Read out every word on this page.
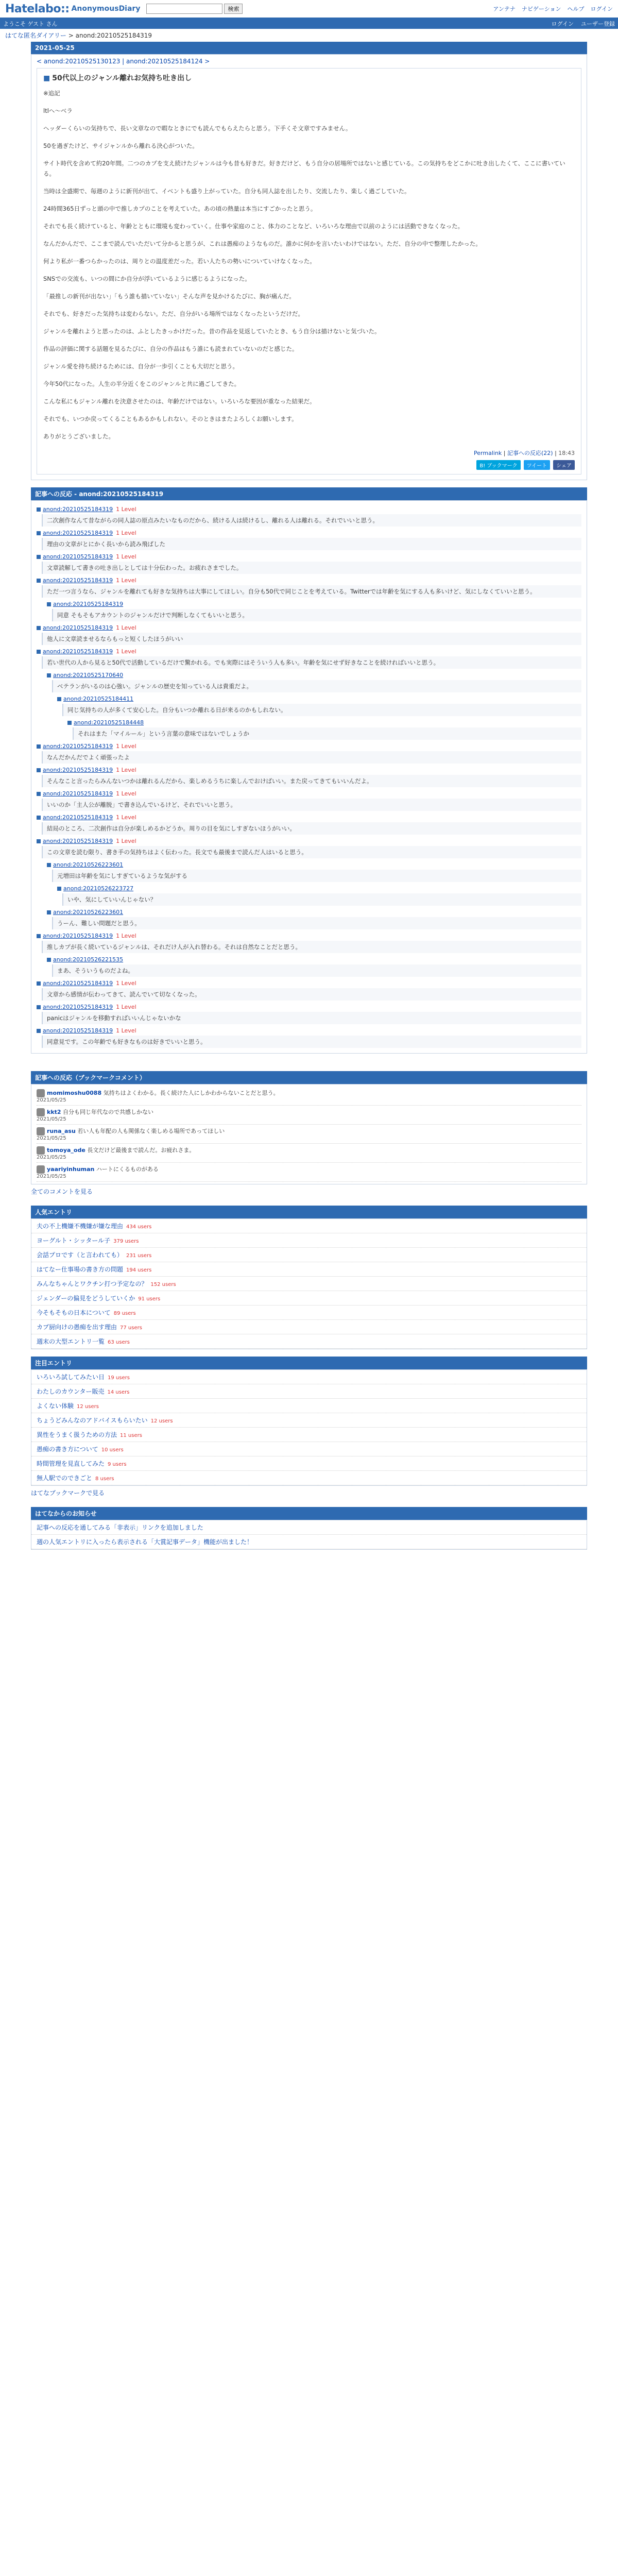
Hatelabo:: AnonymousDiary	検索	アンテナ ナビゲーション ヘルプ ログイン
ようこそ ゲスト さん	ログイン ユーザー登録
はてな匿名ダイアリー > anond:20210525184319
2021-05-25
< anond:20210525130123 | anond:20210525184124 >
■ 50代以上のジャンル離れお気持ち吐き出し

※追記

ltlへ～ベラ

ヘッダーくらいの気持ちで、長い文章なので暇なときにでも読んでもらえたらと思う。下手くそ文章ですみません。

50を過ぎたけど、サイジャンルから離れる決心がついた。

サイト時代を含めて約20年間。二つのカプを支え続けたジャンルは今も昔も好きだ。好きだけど、もう自分の居場所ではないと感じている。この気持ちをどこかに吐き出したくて、ここに書いている。

当時は全盛期で、毎週のように新刊が出て、イベントも盛り上がっていた。自分も同人誌を出したり、交流したり、楽しく過ごしていた。

24時間365日ずっと頭の中で推しカプのことを考えていた。あの頃の熱量は本当にすごかったと思う。

それでも長く続けていると、年齢とともに環境も変わっていく。仕事や家庭のこと、体力のことなど、いろいろな理由で以前のようには活動できなくなった。

なんだかんだで、ここまで読んでいただいて分かると思うが、これは愚痴のようなものだ。誰かに何かを言いたいわけではない。ただ、自分の中で整理したかった。

何より私が一番つらかったのは、周りとの温度差だった。若い人たちの勢いについていけなくなった。

SNSでの交流も、いつの間にか自分が浮いているように感じるようになった。

「最推しの新刊が出ない」「もう誰も描いていない」そんな声を見かけるたびに、胸が痛んだ。

それでも、好きだった気持ちは変わらない。ただ、自分がいる場所ではなくなったというだけだ。

ジャンルを離れようと思ったのは、ふとしたきっかけだった。昔の作品を見返していたとき、もう自分は描けないと気づいた。

作品の評価に関する話題を見るたびに、自分の作品はもう誰にも読まれていないのだと感じた。

ジャンル愛を持ち続けるためには、自分が一歩引くことも大切だと思う。

今年50代になった。人生の半分近くをこのジャンルと共に過ごしてきた。

こんな私にもジャンル離れを決意させたのは、年齢だけではない。いろいろな要因が重なった結果だ。

それでも、いつか戻ってくることもあるかもしれない。そのときはまたよろしくお願いします。

ありがとうございました。

Permalink | 記事への反応(22) | 18:43
B! ブックマーク	ツイート	シェア
記事への反応 - anond:20210525184319
anond:20210525184319 1 Level
二次創作なんて昔ながらの同人誌の原点みたいなものだから、続ける人は続けるし、離れる人は離れる。それでいいと思う。
anond:20210525184319 1 Level
理由の文章がとにかく長いから読み飛ばした
anond:20210525184319 1 Level
文章読解して書きの吐き出しとしては十分伝わった。お疲れさまでした。
anond:20210525184319 1 Level
ただ一つ言うなら、ジャンルを離れても好きな気持ちは大事にしてほしい。自分も50代で同じことを考えている。Twitterでは年齢を気にする人も多いけど、気にしなくていいと思う。
anond:20210525184319
同意 そもそもアカウントのジャンルだけで判断しなくてもいいと思う。
anond:20210525184319 1 Level
他人に文章読ませるならもっと短くしたほうがいい
anond:20210525184319 1 Level
若い世代の人から見ると50代で活動しているだけで驚かれる。でも実際にはそういう人も多い。年齢を気にせず好きなことを続ければいいと思う。
anond:20210525170640
ベテランがいるのは心強い。ジャンルの歴史を知っている人は貴重だよ。
anond:20210525184411
同じ気持ちの人が多くて安心した。自分もいつか離れる日が来るのかもしれない。
anond:20210525184448
それはまた「マイルール」という言葉の意味ではないでしょうか
anond:20210525184319 1 Level
なんだかんだでよく頑張ったよ
anond:20210525184319 1 Level
そんなこと言ったらみんないつかは離れるんだから、楽しめるうちに楽しんでおけばいい。また戻ってきてもいいんだよ。
anond:20210525184319 1 Level
いいのか「主人公が離脱」で書き込んでいるけど、それでいいと思う。
anond:20210525184319 1 Level
結局のところ、二次創作は自分が楽しめるかどうか。周りの目を気にしすぎないほうがいい。
anond:20210525184319 1 Level
この文章を読む限り、書き手の気持ちはよく伝わった。長文でも最後まで読んだ人はいると思う。
anond:20210526223601
元増田は年齢を気にしすぎているような気がする
anond:20210526223727
いや、気にしていいんじゃない？
anond:20210526223601
うーん、難しい問題だと思う。
anond:20210525184319 1 Level
推しカプが長く続いているジャンルは、それだけ人が入れ替わる。それは自然なことだと思う。
anond:20210526221535
まあ、そういうものだよね。
anond:20210525184319 1 Level
文章から感情が伝わってきて、読んでいて切なくなった。
anond:20210525184319 1 Level
panicはジャンルを移動すればいいんじゃないかな
anond:20210525184319 1 Level
同意見です。この年齢でも好きなものは好きでいいと思う。
記事への反応（ブックマークコメント）
momimoshu0088 気持ちはよくわかる。長く続けた人にしかわからないことだと思う。
2021/05/25
kkt2 自分も同じ年代なので共感しかない
2021/05/25
runa_asu 若い人も年配の人も関係なく楽しめる場所であってほしい
2021/05/25
tomoya_ode 長文だけど最後まで読んだ。お疲れさま。
2021/05/25
yaariyinhuman ハートにくるものがある
2021/05/25
全てのコメントを見る
人気エントリ
夫の不上機嫌不機嫌が嫌な理由 434 users
ヨーグルト・シッタール子 379 users
会話プロです（と言われても） 231 users
はてなー仕事場の書き方の問題 194 users
みんなちゃんとワクチン打つ予定なの？ 152 users
ジェンダーの偏見をどうしていくか 91 users
今そもそもの日本について 89 users
カプ厨向けの愚痴を出す理由 77 users
週末の大型エントリ一覧 63 users
注目エントリ
いろいろ試してみたい日 19 users
わたしのカウンター販売 14 users
よくない体験 12 users
ちょうどみんなのアドバイスもらいたい 12 users
異性をうまく扱うための方法 11 users
愚痴の書き方について 10 users
時間管理を見直してみた 9 users
無人駅でのできごと 8 users
はてなブックマークで見る
はてなからのお知らせ
記事への反応を通してみる「非表示」リンクを追加しました
週の人気エントリに入ったら表示される「大賞記事データ」機能が出ました！
